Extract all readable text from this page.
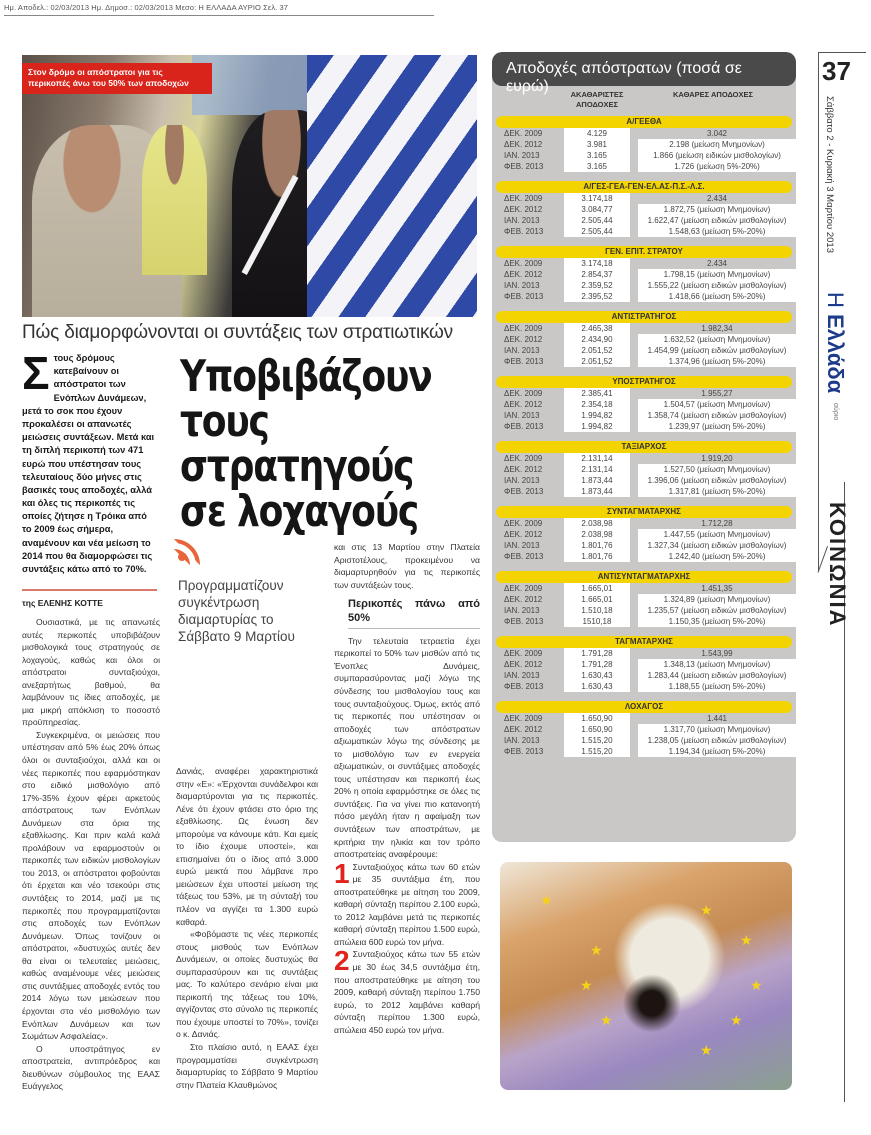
Ημ. Αποδελ.: 02/03/2013 Ημ. Δημοσ.: 02/03/2013 Μεσο: Η ΕΛΛΑΔΑ ΑΥΡΙΟ Σελ. 37
Στον δρόμο οι απόστρατοι για τις περικοπές άνω του 50% των αποδοχών
Πώς διαμορφώνονται οι συντάξεις των στρατιωτικών
Σ τους δρόμους κατεβαίνουν οι απόστρατοι των Ενόπλων Δυνάμεων, μετά το σοκ που έχουν προκαλέσει οι απανωτές μειώσεις συντάξεων. Μετά και τη διπλή περικοπή των 471 ευρώ που υπέστησαν τους τελευταίους δύο μήνες στις βασικές τους αποδοχές, αλλά και όλες τις περικοπές τις οποίες ζήτησε η Τρόικα από το 2009 έως σήμερα, αναμένουν και νέα μείωση το 2014 που θα διαμορφώσει τις συντάξεις κάτω από το 70%.
της ΕΛΕΝΗΣ ΚΟΤΤΕ
Υποβιβάζουν τους στρατηγούς σε λοχαγούς

Ουσιαστικά, με τις απανωτές αυτές περικοπές υποβιβάζουν μισθολογικά τους στρατηγούς σε λοχαγούς, καθώς και όλοι οι απόστρατοι συνταξιούχοι, ανεξαρτήτως βαθμού, θα λαμβάνουν τις ίδιες αποδοχές, με μια μικρή απόκλιση το ποσοστό προϋπηρεσίας.

Συγκεκριμένα, οι μειώσεις που υπέστησαν από 5% έως 20% όπως όλοι οι συνταξιούχοι, αλλά και οι νέες περικοπές που εφαρμόστηκαν στο ειδικό μισθολόγιο από 17%-35% έχουν φέρει αρκετούς απόστρατους των Ενόπλων Δυνάμεων στα όρια της εξαθλίωσης. Και πριν καλά καλά προλάβουν να εφαρμοστούν οι περικοπές των ειδικών μισθολογίων του 2013, οι απόστρατοι φοβούνται ότι έρχεται και νέο τσεκούρι στις συντάξεις το 2014, μαζί με τις περικοπές που προγραμματίζονται στις αποδοχές των Ενόπλων Δυνάμεων. Όπως τονίζουν οι απόστρατοι, «δυστυχώς αυτές δεν θα είναι οι τελευταίες μειώσεις, καθώς αναμένουμε νέες μειώσεις στις συντάξιμες αποδοχές εντός του 2014 λόγω των μειώσεων που έρχονται στο νέο μισθολόγιο των Ενόπλων Δυνάμεων και των Σωμάτων Ασφαλείας».

Ο υποστράτηγος εν αποστρατεία, αντιπρόεδρος και διευθύνων σύμβουλος της ΕΑΑΣ Ευάγγελος

Προγραμματίζουν συγκέντρωση διαμαρτυρίας το Σάββατο 9 Μαρτίου

Δανιάς, αναφέρει χαρακτηριστικά στην «Ε»: «Έρχονται συνάδελφοι και διαμαρτύρονται για τις περικοπές. Λένε ότι έχουν φτάσει στο όριο της εξαθλίωσης. Ως ένωση δεν μπορούμε να κάνουμε κάτι. Και εμείς το ίδιο έχουμε υποστεί», και επισημαίνει ότι ο ίδιος από 3.000 ευρώ μεικτά που λάμβανε προ μειώσεων έχει υποστεί μείωση της τάξεως του 53%, με τη σύνταξή του πλέον να αγγίζει τα 1.300 ευρώ καθαρά.

«Φοβόμαστε τις νέες περικοπές στους μισθούς των Ενόπλων Δυνάμεων, οι οποίες δυστυχώς θα συμπαρασύρουν και τις συντάξεις μας. Το καλύτερο σενάριο είναι μια περικοπή της τάξεως του 10%, αγγίζοντας στο σύνολο τις περικοπές που έχουμε υποστεί το 70%», τονίζει ο κ. Δανιάς.

Στο πλαίσιο αυτό, η ΕΑΑΣ έχει προγραμματίσει συγκέντρωση διαμαρτυρίας το Σάββατο 9 Μαρτίου στην Πλατεία Κλαυθμώνος

και στις 13 Μαρτίου στην Πλατεία Αριστοτέλους, προκειμένου να διαμαρτυρηθούν για τις περικοπές των συντάξεών τους.

Περικοπές πάνω από 50%

Την τελευταία τετραετία έχει περικοπεί το 50% των μισθών από τις Ένοπλες Δυνάμεις, συμπαρασύροντας μαζί λόγω της σύνδεσης του μισθολογίου τους και τους συνταξιούχους. Όμως, εκτός από τις περικοπές που υπέστησαν οι αποδοχές των απόστρατων αξιωματικών λόγω της σύνδεσης με το μισθολόγιο των εν ενεργεία αξιωματικών, οι συντάξιμες αποδοχές τους υπέστησαν και περικοπή έως 20% η οποία εφαρμόστηκε σε όλες τις συντάξεις. Για να γίνει πιο κατανοητή πόσο μεγάλη ήταν η αφαίμαξη των συντάξεων των αποστράτων, με κριτήρια την ηλικία και τον τρόπο αποστρατείας αναφέρουμε:

1 Συνταξιούχος κάτω των 60 ετών με 35 συντάξιμα έτη, που αποστρατεύθηκε με αίτηση του 2009, καθαρή σύνταξη περίπου 2.100 ευρώ, το 2012 λαμβάνει μετά τις περικοπές καθαρή σύνταξη περίπου 1.500 ευρώ, απώλεια 600 ευρώ τον μήνα.

2 Συνταξιούχος κάτω των 55 ετών με 30 έως 34,5 συντάξιμα έτη, που αποστρατεύθηκε με αίτηση του 2009, καθαρή σύνταξη περίπου 1.750 ευρώ, το 2012 λαμβάνει καθαρή σύνταξη περίπου 1.300 ευρώ, απώλεια 450 ευρώ τον μήνα.

Αποδοχές απόστρατων (ποσά σε ευρώ)	ΑΚΑΘΑΡΙΣΤΕΣ ΑΠΟΔΟΧΕΣ
ΚΑΘΑΡΕΣ ΑΠΟΔΟΧΕΣ
Α/ΓΕΕΘΑ
ΔΕΚ. 2009	4.129	3.042
ΔΕΚ. 2012	3.981	2.198 (μείωση Μνημονίων)
ΙΑΝ. 2013	3.165	1.866 (μείωση ειδικών μισθολογίων)
ΦΕΒ. 2013	3.165	1.726 (μείωση 5%-20%)
Α/ΓΕΣ-ΓΕΑ-ΓΕΝ-ΕΛ.ΑΣ-Π.Σ.-Λ.Σ.
ΔΕΚ. 2009	3.174,18	2.434
ΔΕΚ. 2012	3.084,77	1.872,75 (μείωση Μνημονίων)
ΙΑΝ. 2013	2.505,44	1.622,47 (μείωση ειδικών μισθολογίων)
ΦΕΒ. 2013	2.505,44	1.548,63 (μείωση 5%-20%)
ΓΕΝ. ΕΠΙΤ. ΣΤΡΑΤΟΥ
ΔΕΚ. 2009	3.174,18	2.434
ΔΕΚ. 2012	2.854,37	1.798,15 (μείωση Μνημονίων)
ΙΑΝ. 2013	2.359,52	1.555,22 (μείωση ειδικών μισθολογίων)
ΦΕΒ. 2013	2.395,52	1.418,66 (μείωση 5%-20%)
ΑΝΤΙΣΤΡΑΤΗΓΟΣ
ΔΕΚ. 2009	2.465,38	1.982,34
ΔΕΚ. 2012	2.434,90	1.632,52 (μείωση Μνημονίων)
ΙΑΝ. 2013	2.051,52	1.454,99 (μείωση ειδικών μισθολογίων)
ΦΕΒ. 2013	2.051,52	1.374,96 (μείωση 5%-20%)
ΥΠΟΣΤΡΑΤΗΓΟΣ
ΔΕΚ. 2009	2.385,41	1.955,27
ΔΕΚ. 2012	2.354,18	1.504,57 (μείωση Μνημονίων)
ΙΑΝ. 2013	1.994,82	1.358,74 (μείωση ειδικών μισθολογίων)
ΦΕΒ. 2013	1.994,82	1.239,97 (μείωση 5%-20%)
ΤΑΞΙΑΡΧΟΣ
ΔΕΚ. 2009	2.131,14	1.919,20
ΔΕΚ. 2012	2.131,14	1.527,50 (μείωση Μνημονίων)
ΙΑΝ. 2013	1.873,44	1.396,06 (μείωση ειδικών μισθολογίων)
ΦΕΒ. 2013	1.873,44	1.317,81 (μείωση 5%-20%)
ΣΥΝΤΑΓΜΑΤΑΡΧΗΣ
ΔΕΚ. 2009	2.038,98	1.712,28
ΔΕΚ. 2012	2.038,98	1.447,55 (μείωση Μνημονίων)
ΙΑΝ. 2013	1.801,76	1.327,34 (μείωση ειδικών μισθολογίων)
ΦΕΒ. 2013	1.801,76	1.242,40 (μείωση 5%-20%)
ΑΝΤΙΣΥΝΤΑΓΜΑΤΑΡΧΗΣ
ΔΕΚ. 2009	1.665,01	1.451,35
ΔΕΚ. 2012	1.665,01	1.324,89 (μείωση Μνημονίων)
ΙΑΝ. 2013	1.510,18	1.235,57 (μείωση ειδικών μισθολογίων)
ΦΕΒ. 2013	1510,18	1.150,35 (μείωση 5%-20%)
ΤΑΓΜΑΤΑΡΧΗΣ
ΔΕΚ. 2009	1.791,28	1.543,99
ΔΕΚ. 2012	1.791,28	1.348,13 (μείωση Μνημονίων)
ΙΑΝ. 2013	1.630,43	1.283,44 (μείωση ειδικών μισθολογίων)
ΦΕΒ. 2013	1.630,43	1.188,55 (μείωση 5%-20%)
ΛΟΧΑΓΟΣ
ΔΕΚ. 2009	1.650,90	1.441
ΔΕΚ. 2012	1.650,90	1.317,70 (μείωση Μνημονίων)
ΙΑΝ. 2013	1.515,20	1.238,05 (μείωση ειδικών μισθολογίων)
ΦΕΒ. 2013	1.515,20	1.194,34 (μείωση 5%-20%)
★
★
★
★
★	★
★
★
★
37
Σάββατο 2 - Κυριακή 3 Μαρτίου 2013
Η Ελλάδα αύριο
ΚΟΙΝΩΝΙΑ
